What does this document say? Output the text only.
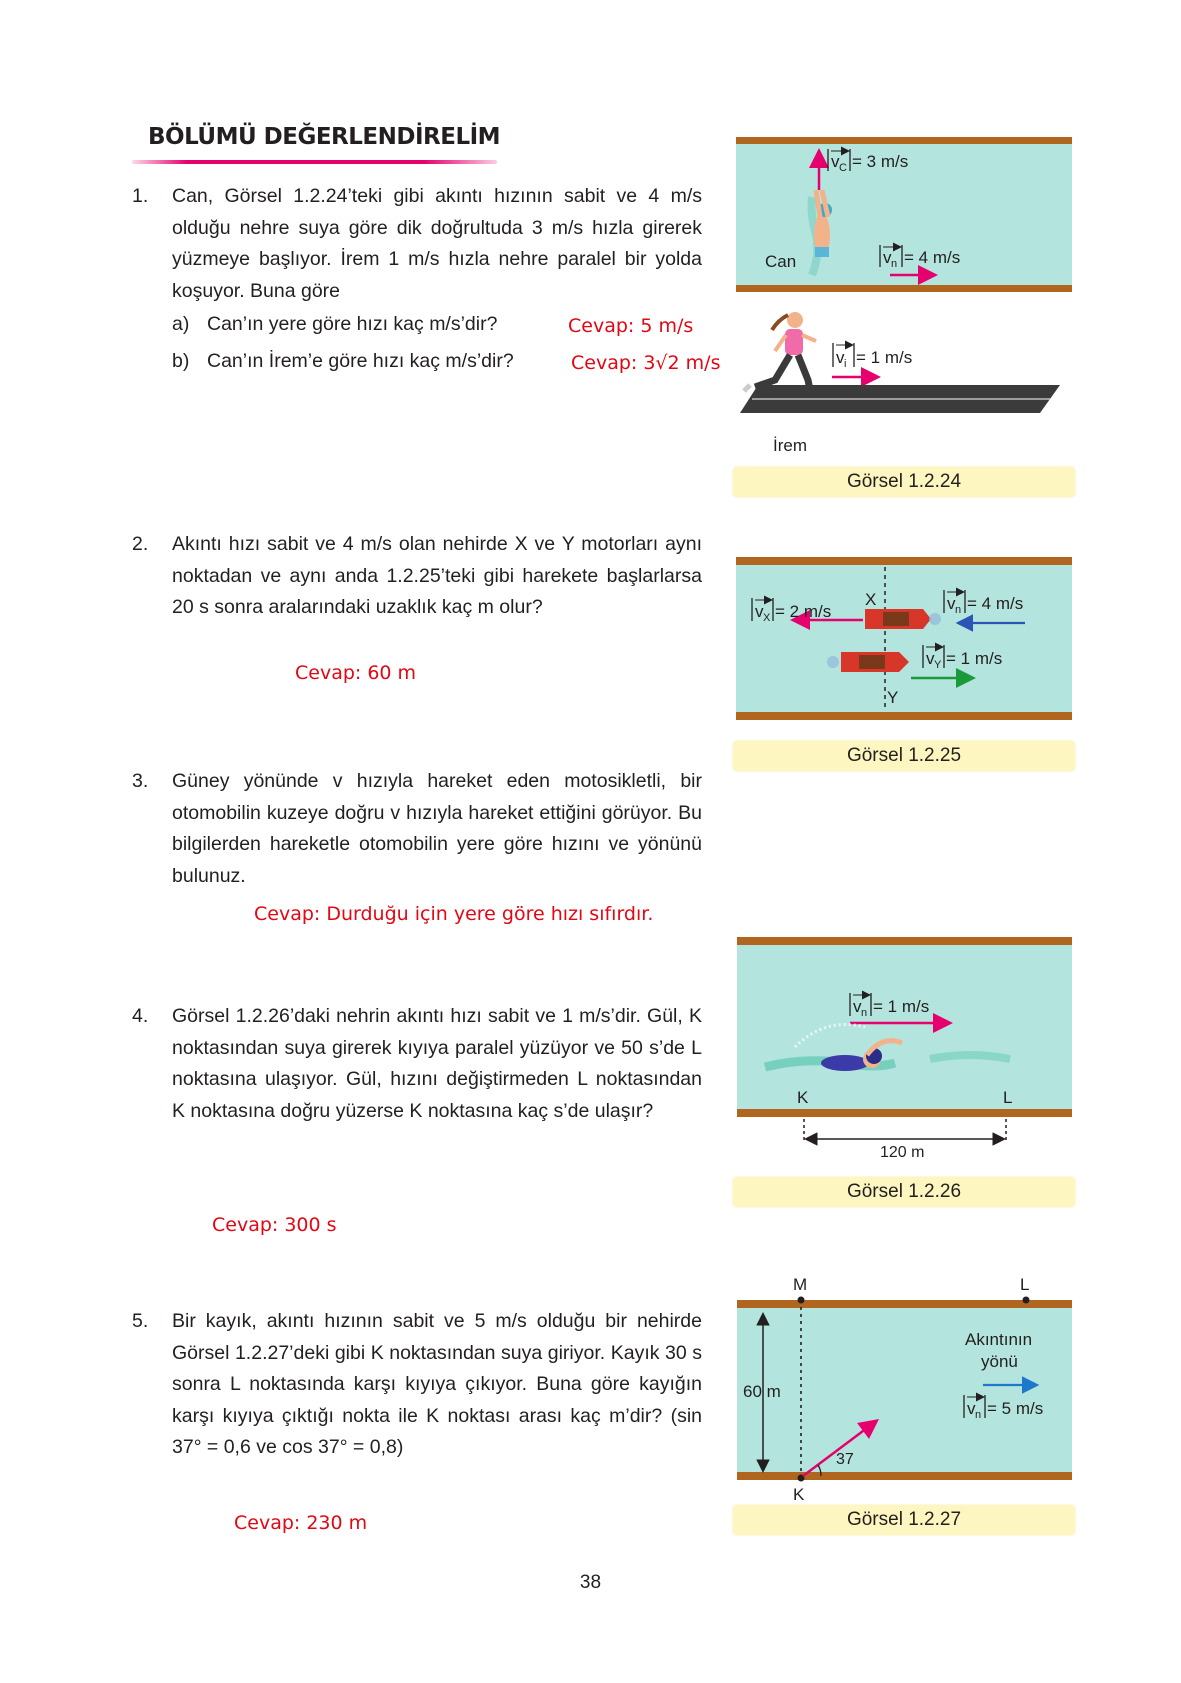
BÖLÜMÜ DEĞERLENDİRELİM
1. Can, Görsel 1.2.24’teki gibi akıntı hızının sabit ve 4 m/s olduğu nehre suya göre dik doğrultuda 3 m/s hızla girerek yüzmeye başlıyor. İrem 1 m/s hızla nehre paralel bir yolda koşuyor. Buna göre
a) Can’ın yere göre hızı kaç m/s’dir?	Cevap: 5 m/s
b) Can’ın İrem’e göre hızı kaç m/s’dir?	Cevap: 3√2 m/s
2. Akıntı hızı sabit ve 4 m/s olan nehirde X ve Y motorları aynı noktadan ve aynı anda 1.2.25’teki gibi harekete başlarlarsa 20 s sonra aralarındaki uzaklık kaç m olur?
Cevap: 60 m
3. Güney yönünde v hızıyla hareket eden motosikletli, bir otomobilin kuzeye doğru v hızıyla hareket ettiğini görüyor. Bu bilgilerden hareketle otomobilin yere göre hızını ve yönünü bulunuz.
Cevap: Durduğu için yere göre hızı sıfırdır.
4. Görsel 1.2.26’daki nehrin akıntı hızı sabit ve 1 m/s’dir. Gül, K noktasından suya girerek kıyıya paralel yüzüyor ve 50 s’de L noktasına ulaşıyor. Gül, hızını değiştirmeden L noktasından K noktasına doğru yüzerse K noktasına kaç s’de ulaşır?
Cevap: 300 s
5. Bir kayık, akıntı hızının sabit ve 5 m/s olduğu bir nehirde Görsel 1.2.27’deki gibi K noktasından suya giriyor. Kayık 30 s sonra L noktasında karşı kıyıya çıkıyor. Buna göre kayığın karşı kıyıya çıktığı nokta ile K noktası arası kaç m’dir? (sin 37° = 0,6 ve cos 37° = 0,8)
Cevap: 230 m
v C = 3 m/s
Can	v n = 4 m/s
v i = 1 m/s
İrem
Görsel 1.2.24
X
Y
v X = 2 m/s	v n = 4 m/s
v Y = 1 m/s
Görsel 1.2.25
v n = 1 m/s
K	L
120 m
Görsel 1.2.26
M	L
60 m
37
Akıntının
yönü
v n = 5 m/s
K
Görsel 1.2.27
38
